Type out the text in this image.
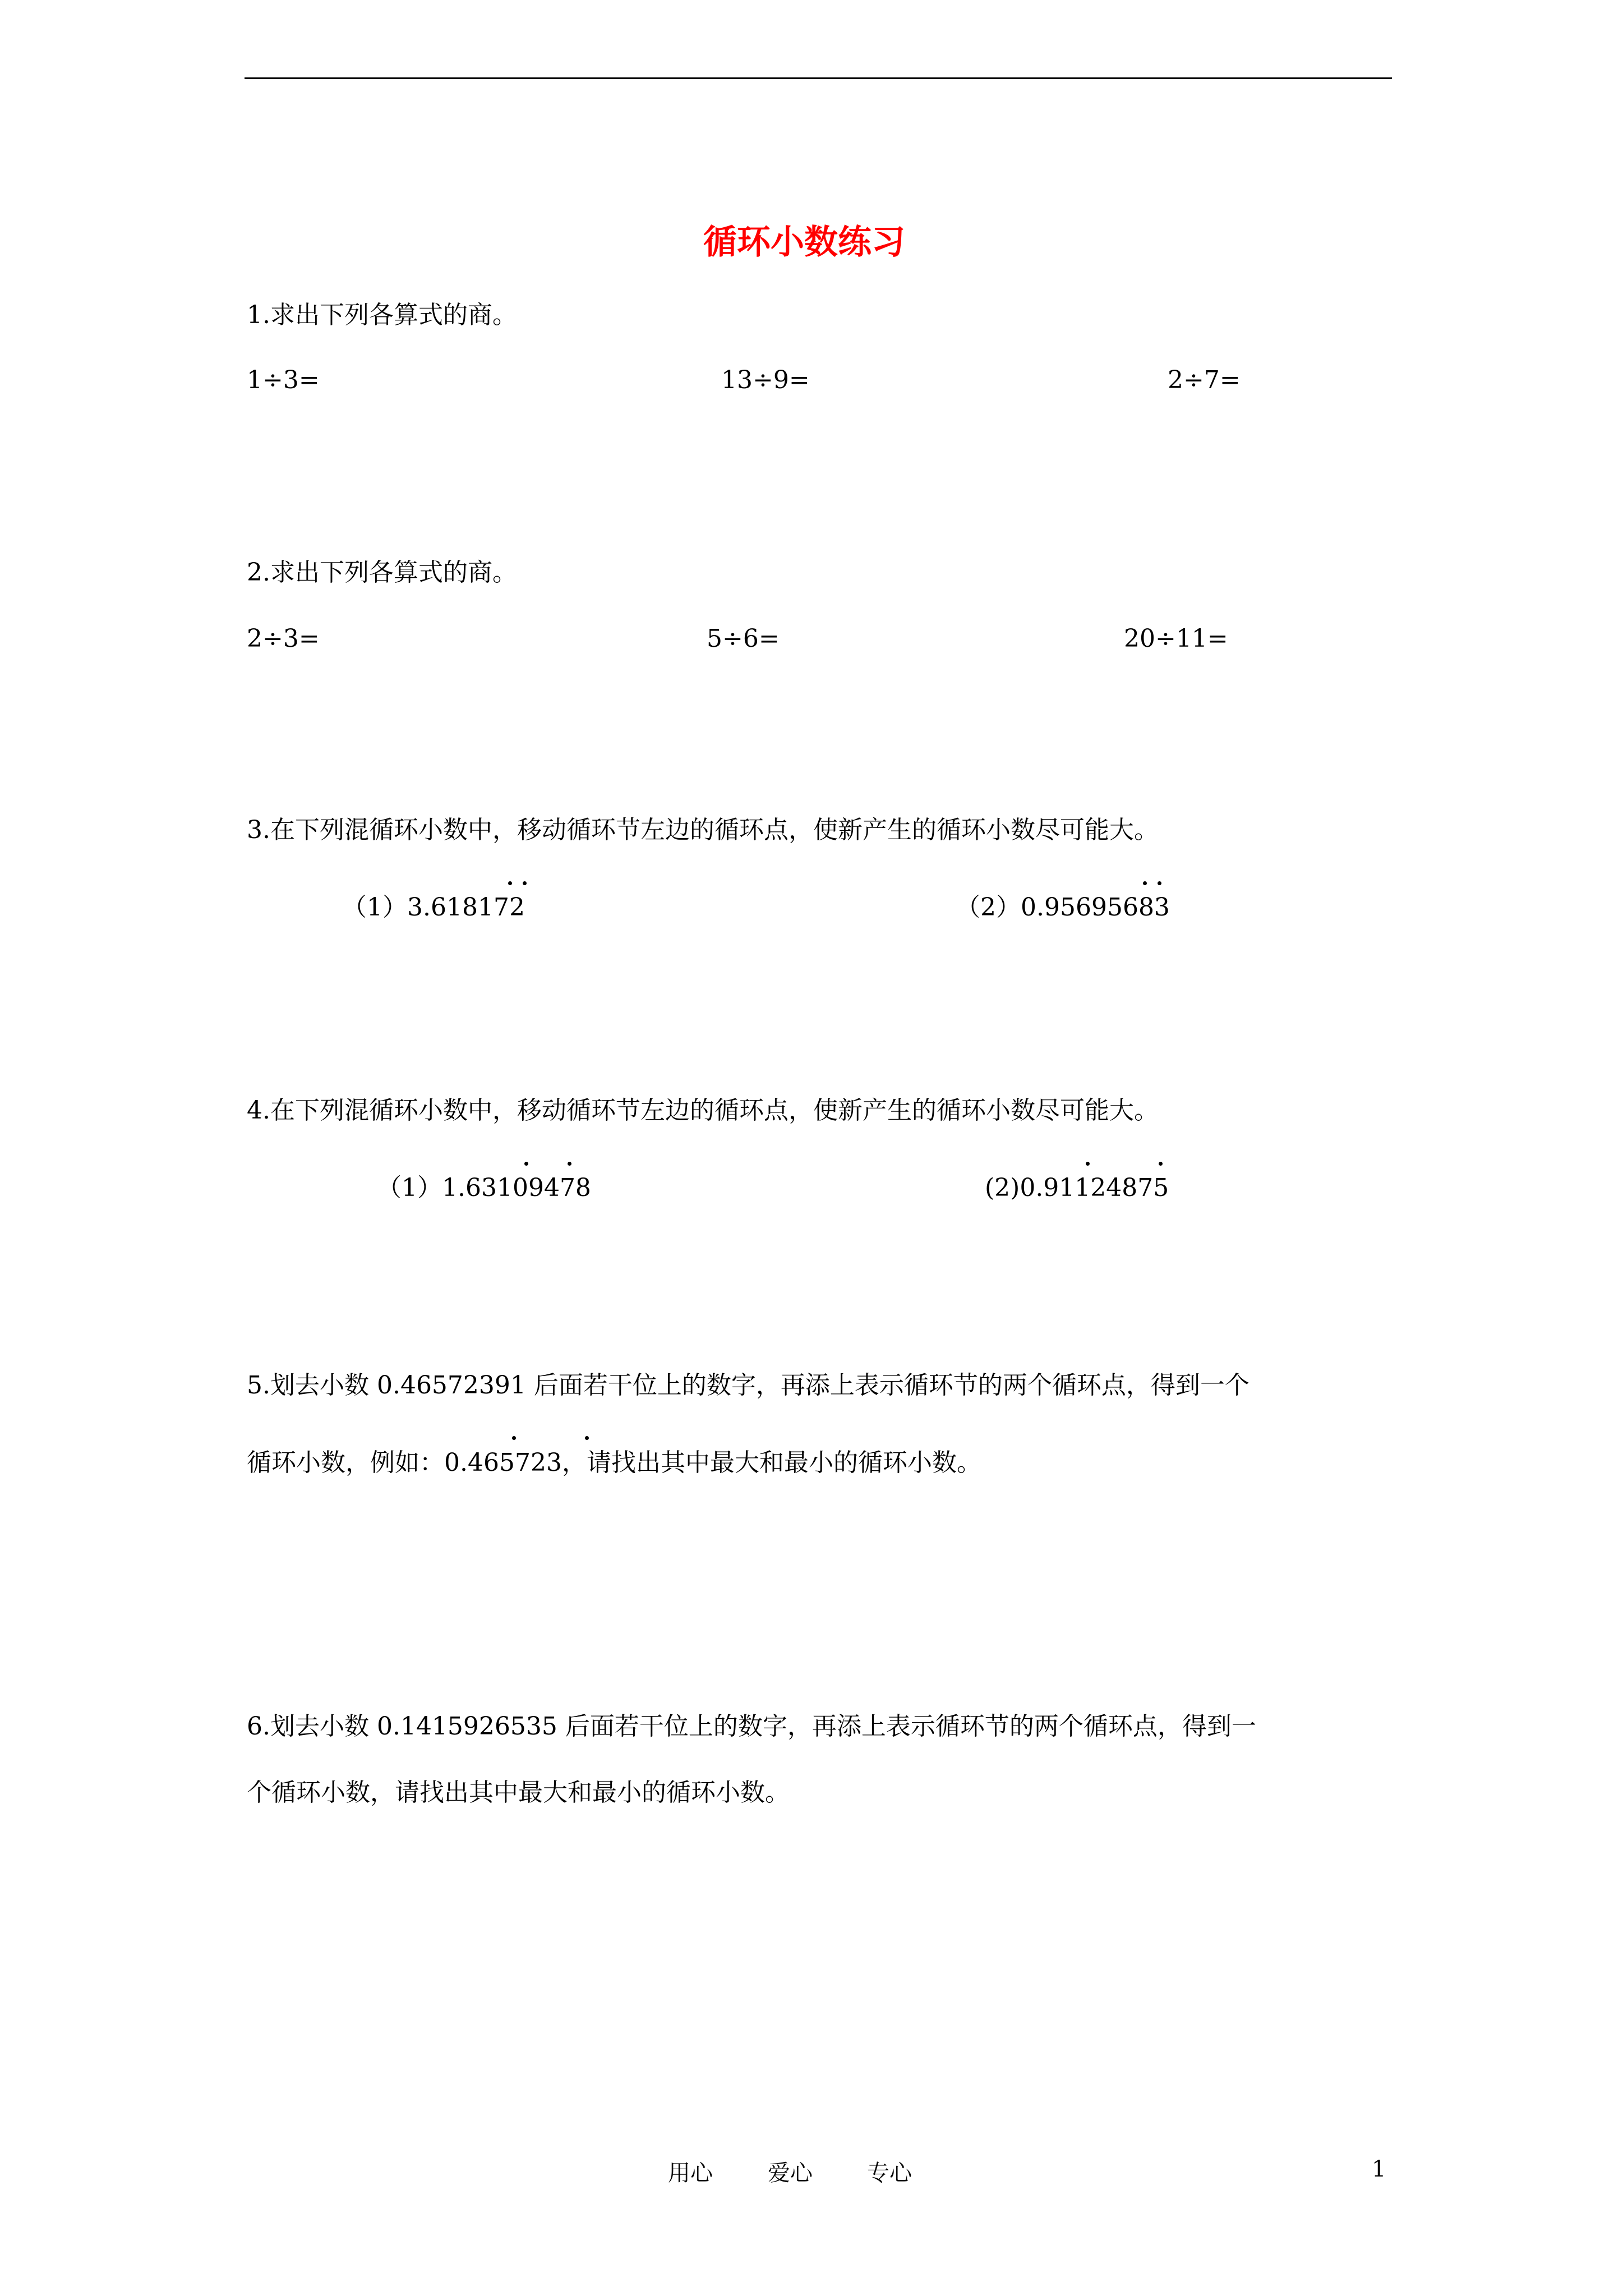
循环小数练习
1.求出下列各算式的商。
1÷3=	13÷9=	2÷7=
2.求出下列各算式的商。
2÷3=	5÷6=	20÷11=
3.在下列混循环小数中，移动循环节左边的循环点，使新产生的循环小数尽可能大。
（1）3.618172	（2）0.95695683
4.在下列混循环小数中，移动循环节左边的循环点，使新产生的循环小数尽可能大。
（1）1.63109478	(2)0.91124875
5.划去小数 0.46572391 后面若干位上的数字，再添上表示循环节的两个循环点，得到一个
循环小数，例如：0.465723，请找出其中最大和最小的循环小数。
6.划去小数 0.1415926535 后面若干位上的数字，再添上表示循环节的两个循环点，得到一
个循环小数，请找出其中最大和最小的循环小数。
用心 爱心 专心	1
